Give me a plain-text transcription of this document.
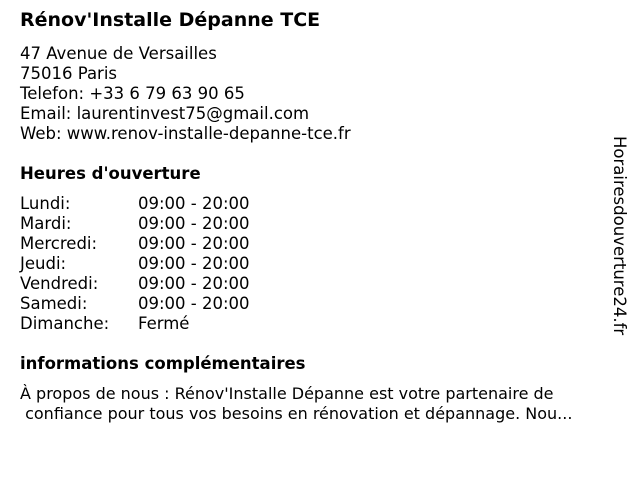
Rénov'Installe Dépanne TCE
47 Avenue de Versailles
75016 Paris
Telefon: +33 6 79 63 90 65
Email: laurentinvest75@gmail.com
Web: www.renov-installe-depanne-tce.fr
Heures d'ouverture
Lundi:	09:00 - 20:00
Mardi:	09:00 - 20:00
Mercredi:	09:00 - 20:00
Jeudi:	09:00 - 20:00
Vendredi:	09:00 - 20:00
Samedi:	09:00 - 20:00
Dimanche:	Fermé
informations complémentaires
À propos de nous : Rénov'Installe Dépanne est votre partenaire de
confiance pour tous vos besoins en rénovation et dépannage. Nou...
Horairesdouverture24.fr
